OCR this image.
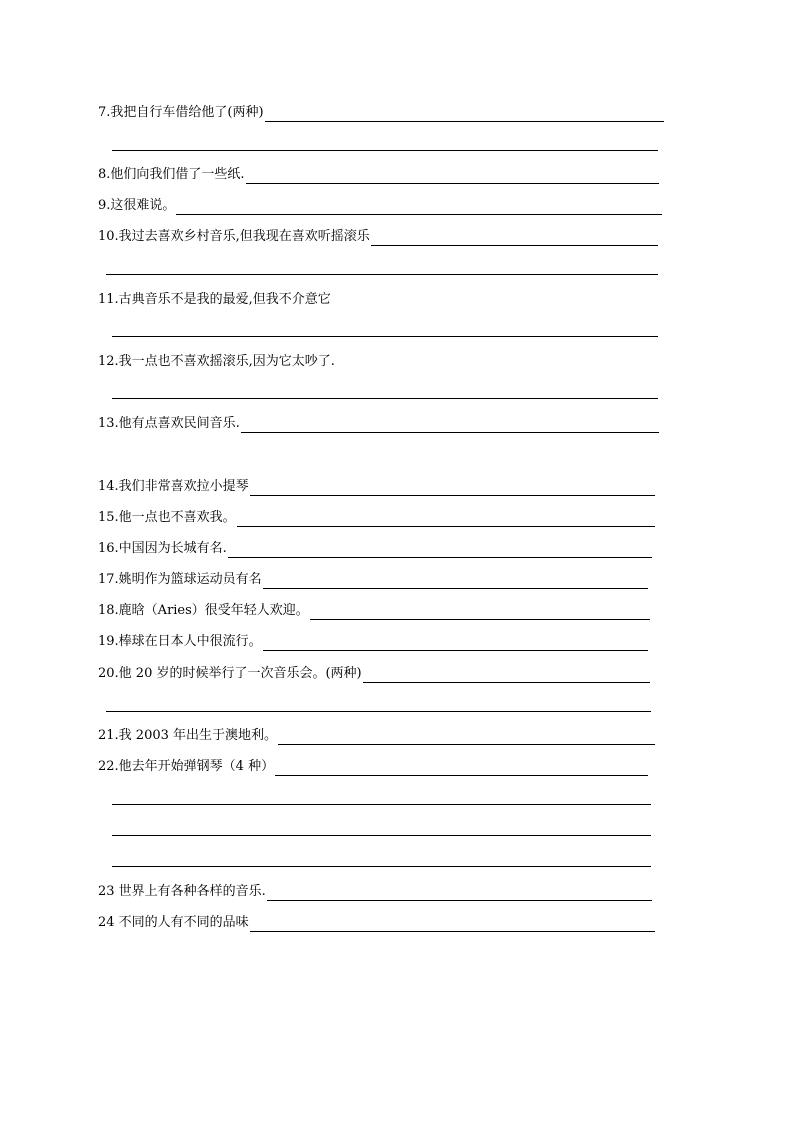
7.我把自行车借给他了(两种)
8.他们向我们借了一些纸.
9.这很难说。
10.我过去喜欢乡村音乐,但我现在喜欢听摇滚乐
11.古典音乐不是我的最爱,但我不介意它
12.我一点也不喜欢摇滚乐,因为它太吵了.
13.他有点喜欢民间音乐.
14.我们非常喜欢拉小提琴
15.他一点也不喜欢我。
16.中国因为长城有名.
17.姚明作为篮球运动员有名
18.鹿晗（Aries）很受年轻人欢迎。
19.棒球在日本人中很流行。
20.他 20 岁的时候举行了一次音乐会。(两种)
21.我 2003 年出生于澳地利。
22.他去年开始弹钢琴（4 种）
23 世界上有各种各样的音乐.
24 不同的人有不同的品味
